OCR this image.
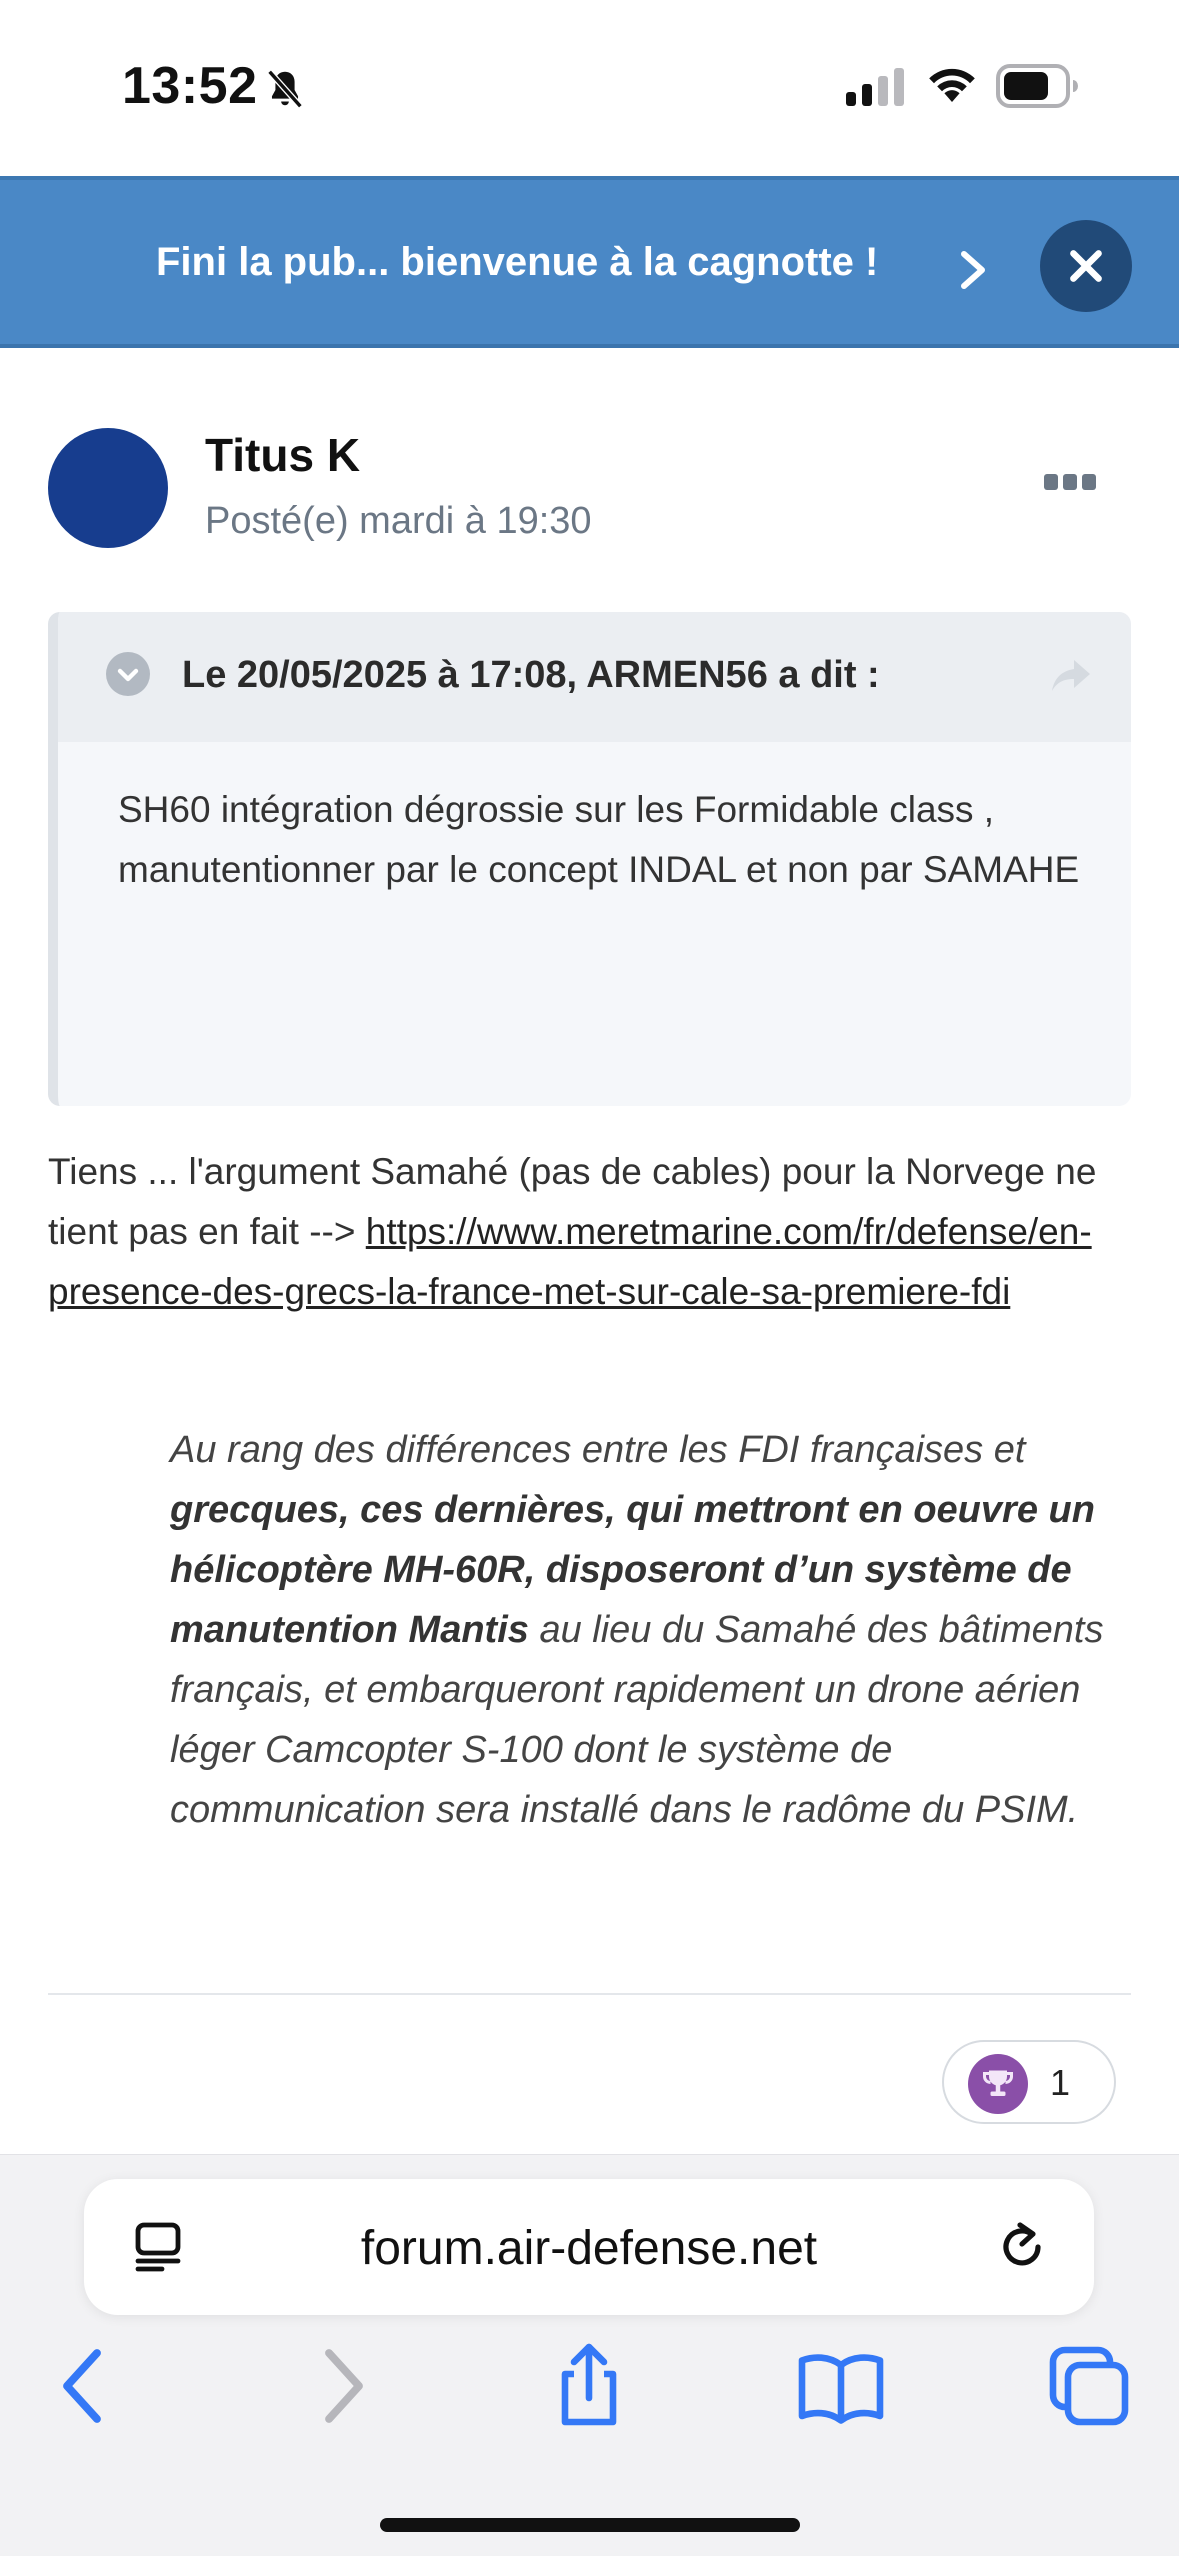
13:52
Fini la pub... bienvenue à la cagnotte !
Titus K
Posté(e) mardi à 19:30
Le 20/05/2025 à 17:08, ARMEN56 a dit :
SH60 intégration dégrossie sur les Formidable class , manutentionner par le concept INDAL et non par SAMAHE
Tiens ... l'argument Samahé (pas de cables) pour la Norvege ne tient pas en fait --> https://www.meretmarine.com/fr/defense/en-presence-des-grecs-la-france-met-sur-cale-sa-premiere-fdi
Au rang des différences entre les FDI françaises et grecques, ces dernières, qui mettront en oeuvre un hélicoptère MH-60R, disposeront d’un système de manutention Mantis au lieu du Samahé des bâtiments français, et embarqueront rapidement un drone aérien léger Camcopter S-100 dont le système de communication sera installé dans le radôme du PSIM.
1
forum.air-defense.net
